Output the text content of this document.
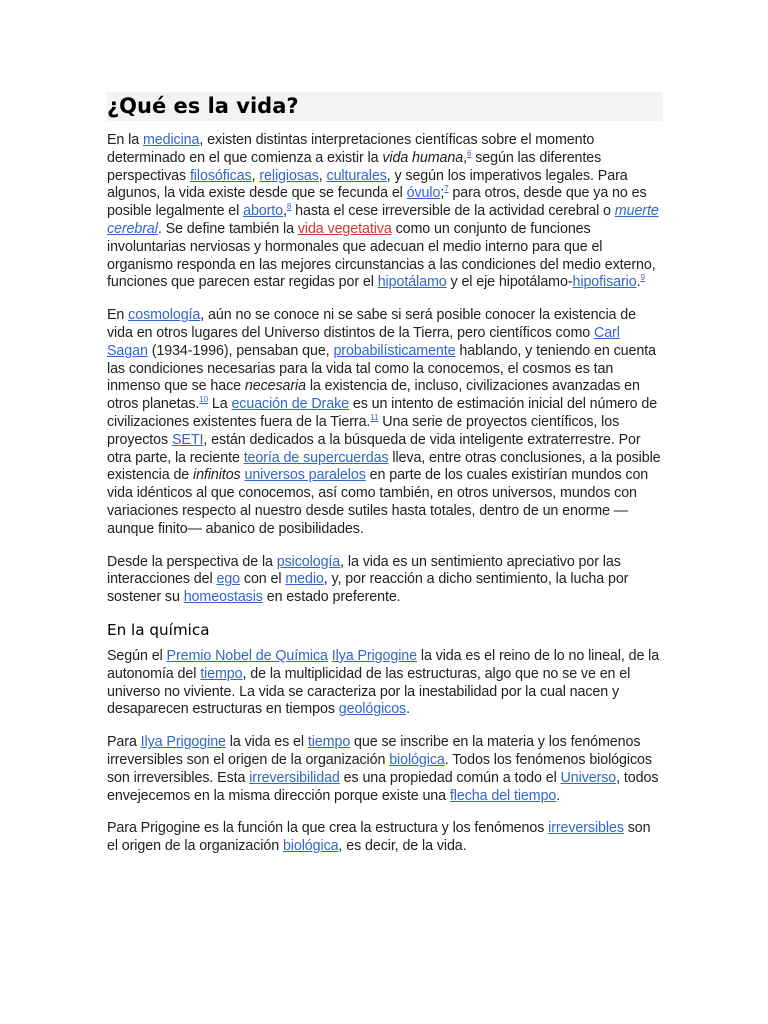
¿Qué es la vida?

En la medicina, existen distintas interpretaciones científicas sobre el momento determinado en el que comienza a existir la vida humana,$^6$ según las diferentes perspectivas filosóficas, religiosas, culturales, y según los imperativos legales. Para algunos, la vida existe desde que se fecunda el óvulo;$^7$ para otros, desde que ya no es posible legalmente el aborto,$^8$ hasta el cese irreversible de la actividad cerebral o muerte cerebral. Se define también la vida vegetativa como un conjunto de funciones involuntarias nerviosas y hormonales que adecuan el medio interno para que el organismo responda en las mejores circunstancias a las condiciones del medio externo, funciones que parecen estar regidas por el hipotálamo y el eje hipotálamo-hipofisario.$^9$

En cosmología, aún no se conoce ni se sabe si será posible conocer la existencia de vida en otros lugares del Universo distintos de la Tierra, pero científicos como Carl Sagan (1934-1996), pensaban que, probabilísticamente hablando, y teniendo en cuenta las condiciones necesarias para la vida tal como la conocemos, el cosmos es tan inmenso que se hace necesaria la existencia de, incluso, civilizaciones avanzadas en otros planetas.$^{10}$ La ecuación de Drake es un intento de estimación inicial del número de civilizaciones existentes fuera de la Tierra.$^{11}$ Una serie de proyectos científicos, los proyectos SETI, están dedicados a la búsqueda de vida inteligente extraterrestre. Por otra parte, la reciente teoría de supercuerdas lleva, entre otras conclusiones, a la posible existencia de infinitos universos paralelos en parte de los cuales existirían mundos con vida idénticos al que conocemos, así como también, en otros universos, mundos con variaciones respecto al nuestro desde sutiles hasta totales, dentro de un enorme —aunque finito— abanico de posibilidades.

Desde la perspectiva de la psicología, la vida es un sentimiento apreciativo por las interacciones del ego con el medio, y, por reacción a dicho sentimiento, la lucha por sostener su homeostasis en estado preferente.

En la química

Según el Premio Nobel de Química Ilya Prigogine la vida es el reino de lo no lineal, de la autonomía del tiempo, de la multiplicidad de las estructuras, algo que no se ve en el universo no viviente. La vida se caracteriza por la inestabilidad por la cual nacen y desaparecen estructuras en tiempos geológicos.

Para Ilya Prigogine la vida es el tiempo que se inscribe en la materia y los fenómenos irreversibles son el origen de la organización biológica. Todos los fenómenos biológicos son irreversibles. Esta irreversibilidad es una propiedad común a todo el Universo, todos envejecemos en la misma dirección porque existe una flecha del tiempo.

Para Prigogine es la función la que crea la estructura y los fenómenos irreversibles son el origen de la organización biológica, es decir, de la vida.
